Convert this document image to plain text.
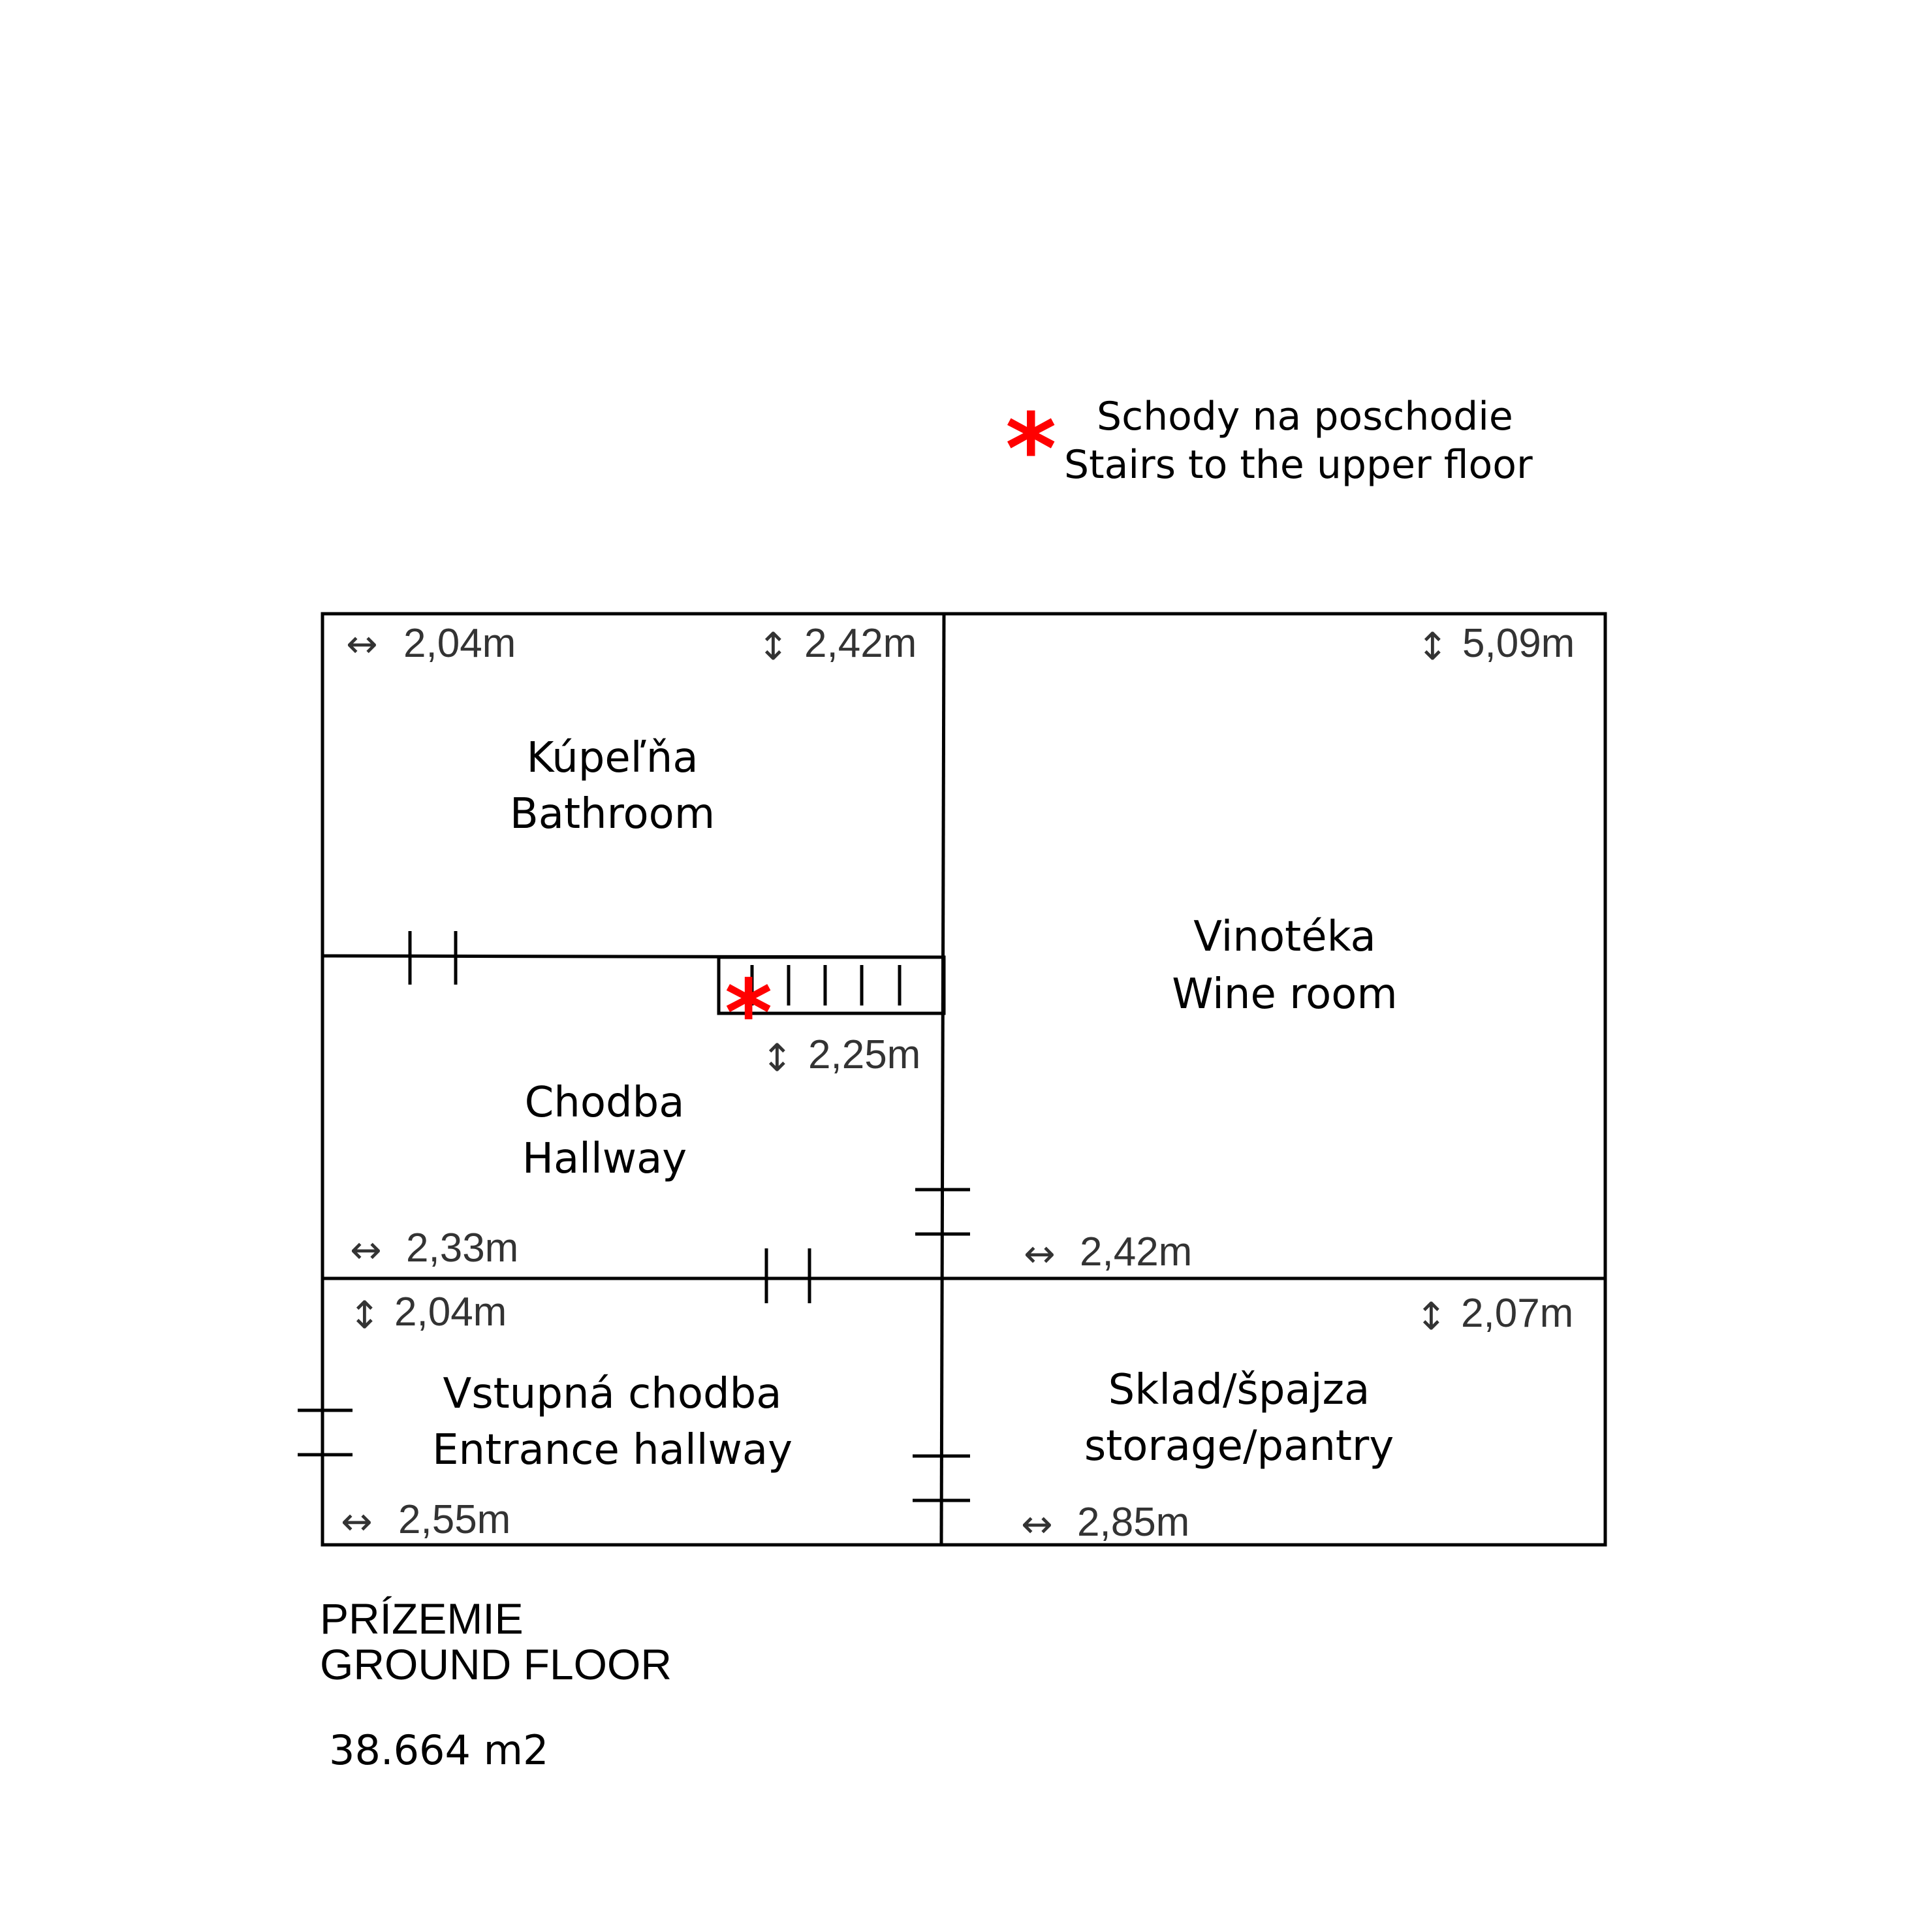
* Schody na poschodie
Stairs to the upper floor
*
↔ 2,04m	↕ 2,42m
Kúpeľňa
Bathroom
↕ 5,09m
Vinotéka
Wine room
↔ 2,42m
↕ 2,25m
Chodba
Hallway
↔ 2,33m
↕ 2,04m
Vstupná chodba
Entrance hallway
↔ 2,55m
↕ 2,07m
Sklad/špajza
storage/pantry
↔ 2,85m
PRÍZEMIE
GROUND FLOOR
38.664 m2
